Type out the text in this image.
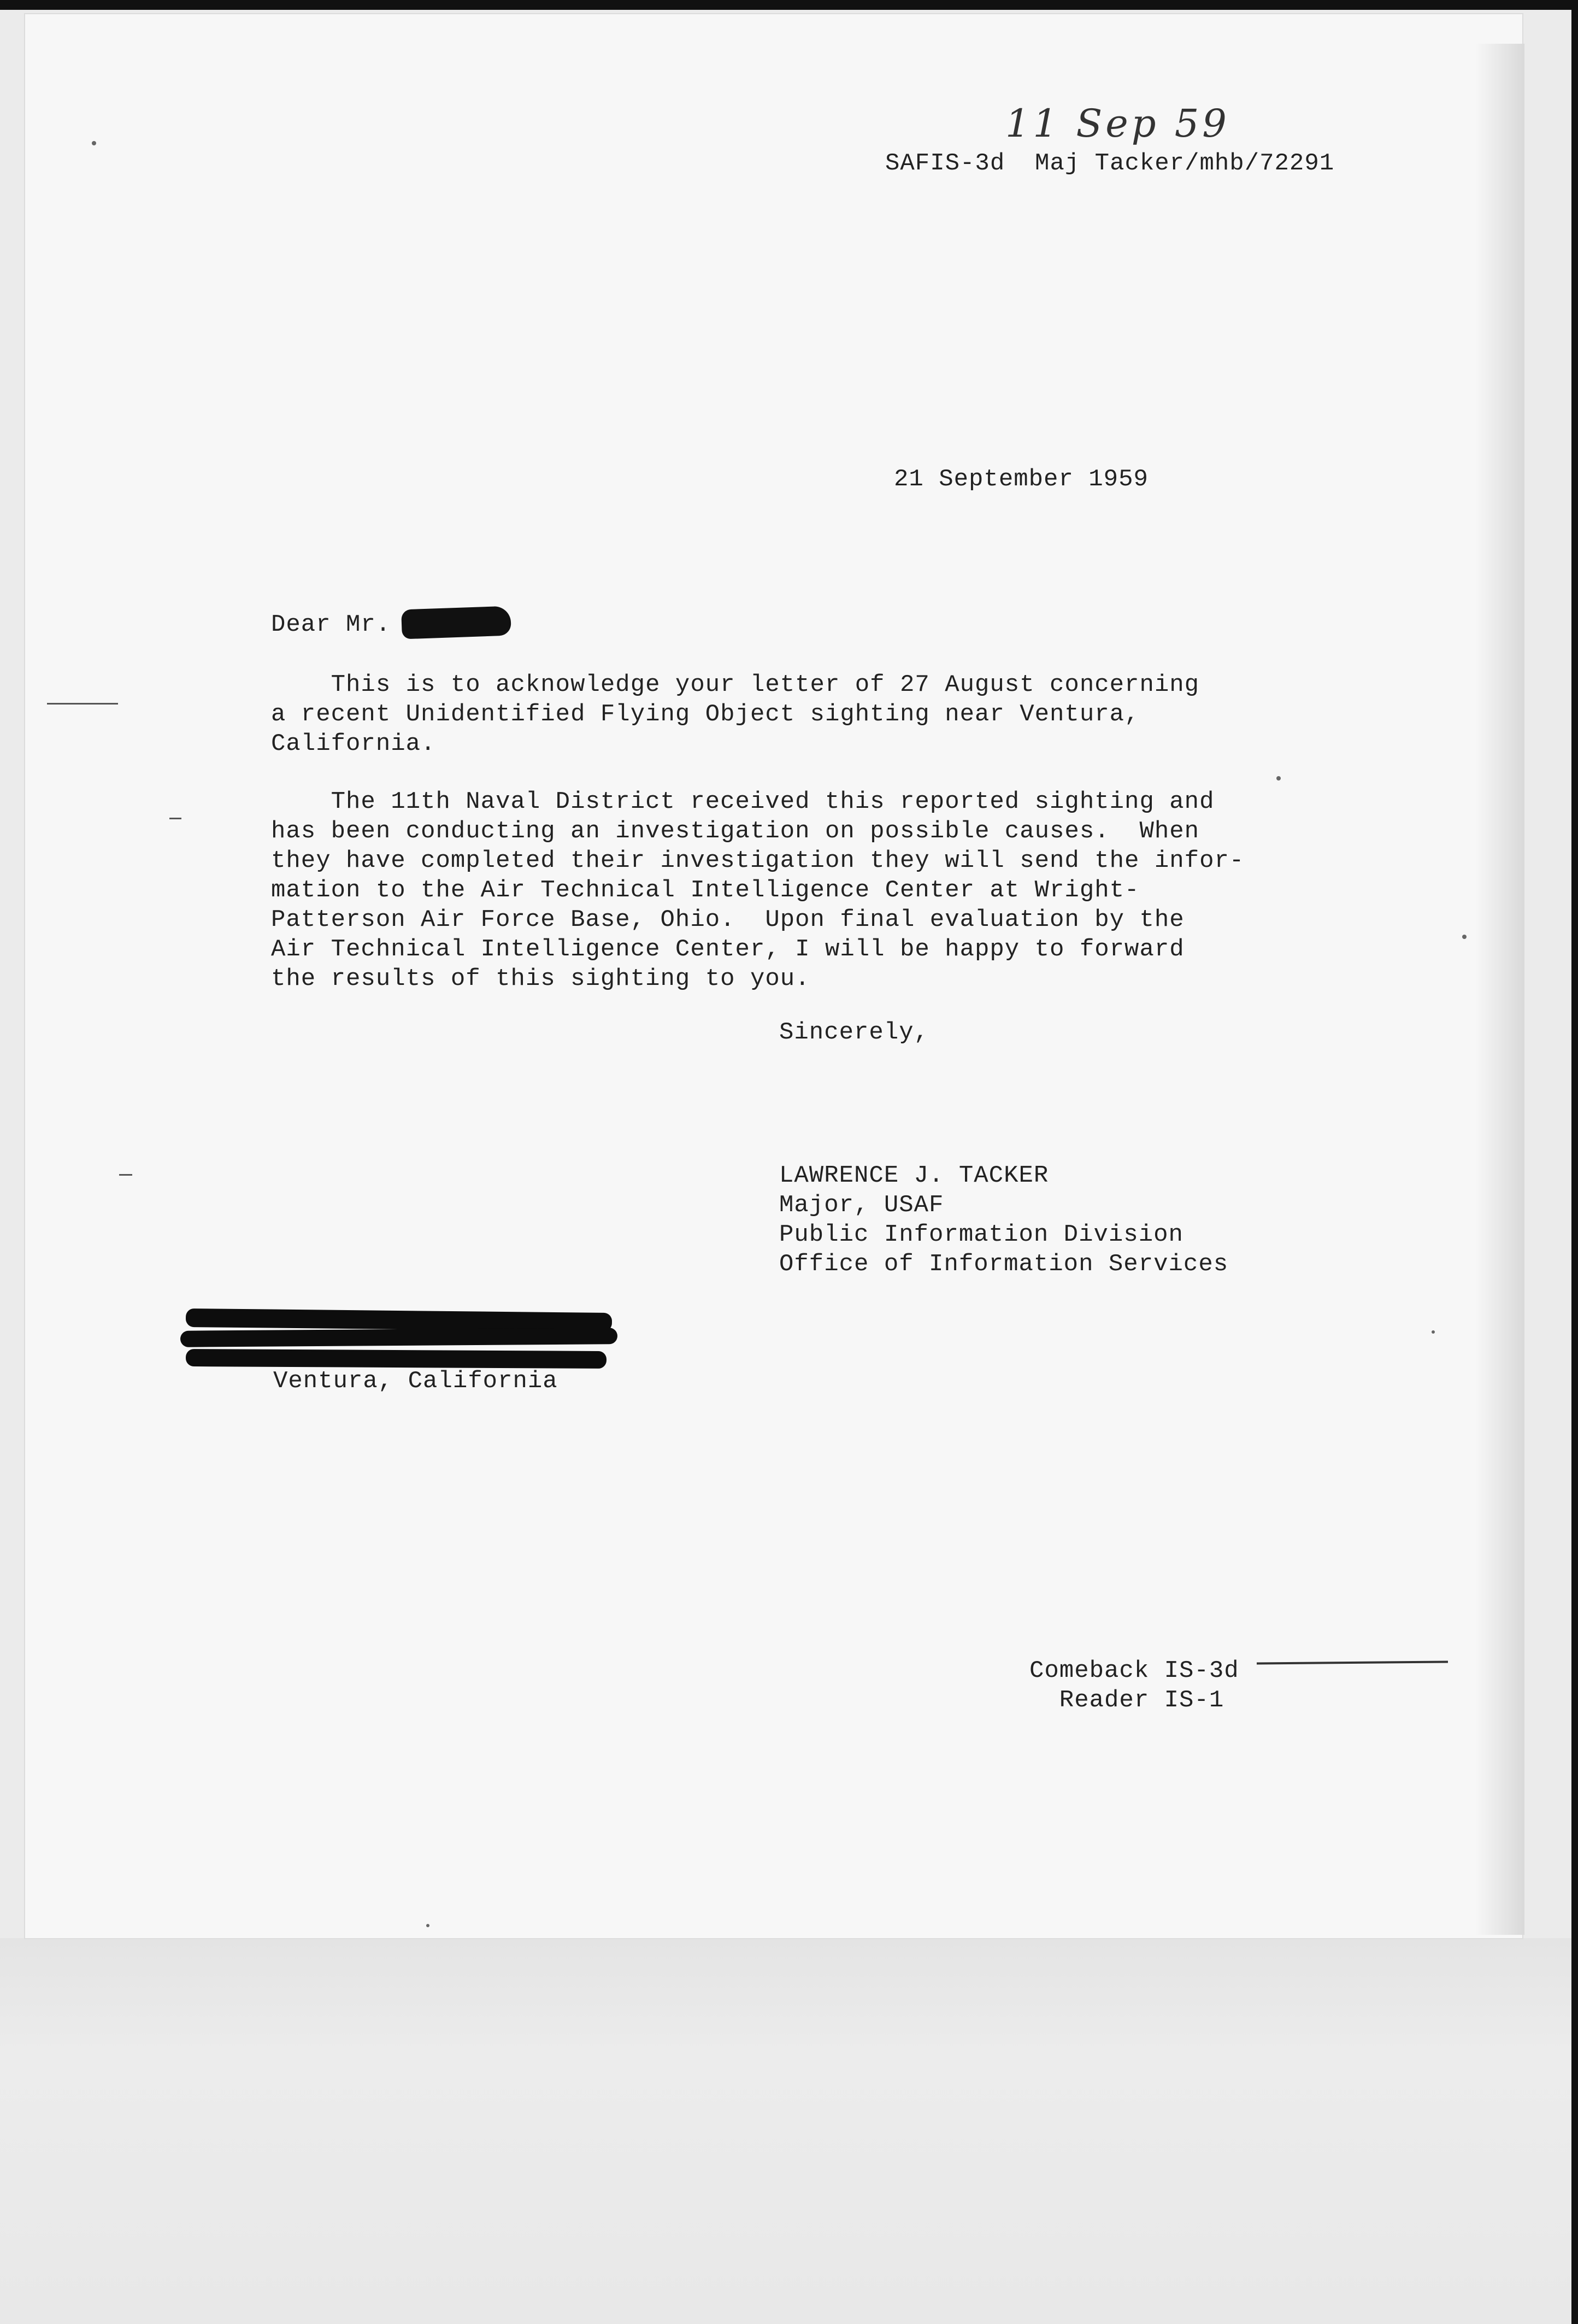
11 Sep 59
SAFIS-3d  Maj Tacker/mhb/72291
21 September 1959
Dear Mr.
This is to acknowledge your letter of 27 August concerning
a recent Unidentified Flying Object sighting near Ventura,
California.
The 11th Naval District received this reported sighting and
has been conducting an investigation on possible causes.  When
they have completed their investigation they will send the infor-
mation to the Air Technical Intelligence Center at Wright-
Patterson Air Force Base, Ohio.  Upon final evaluation by the
Air Technical Intelligence Center, I will be happy to forward
the results of this sighting to you.
Sincerely,
LAWRENCE J. TACKER
Major, USAF
Public Information Division
Office of Information Services
Ventura, California
Comeback IS-3d
Reader IS-1
